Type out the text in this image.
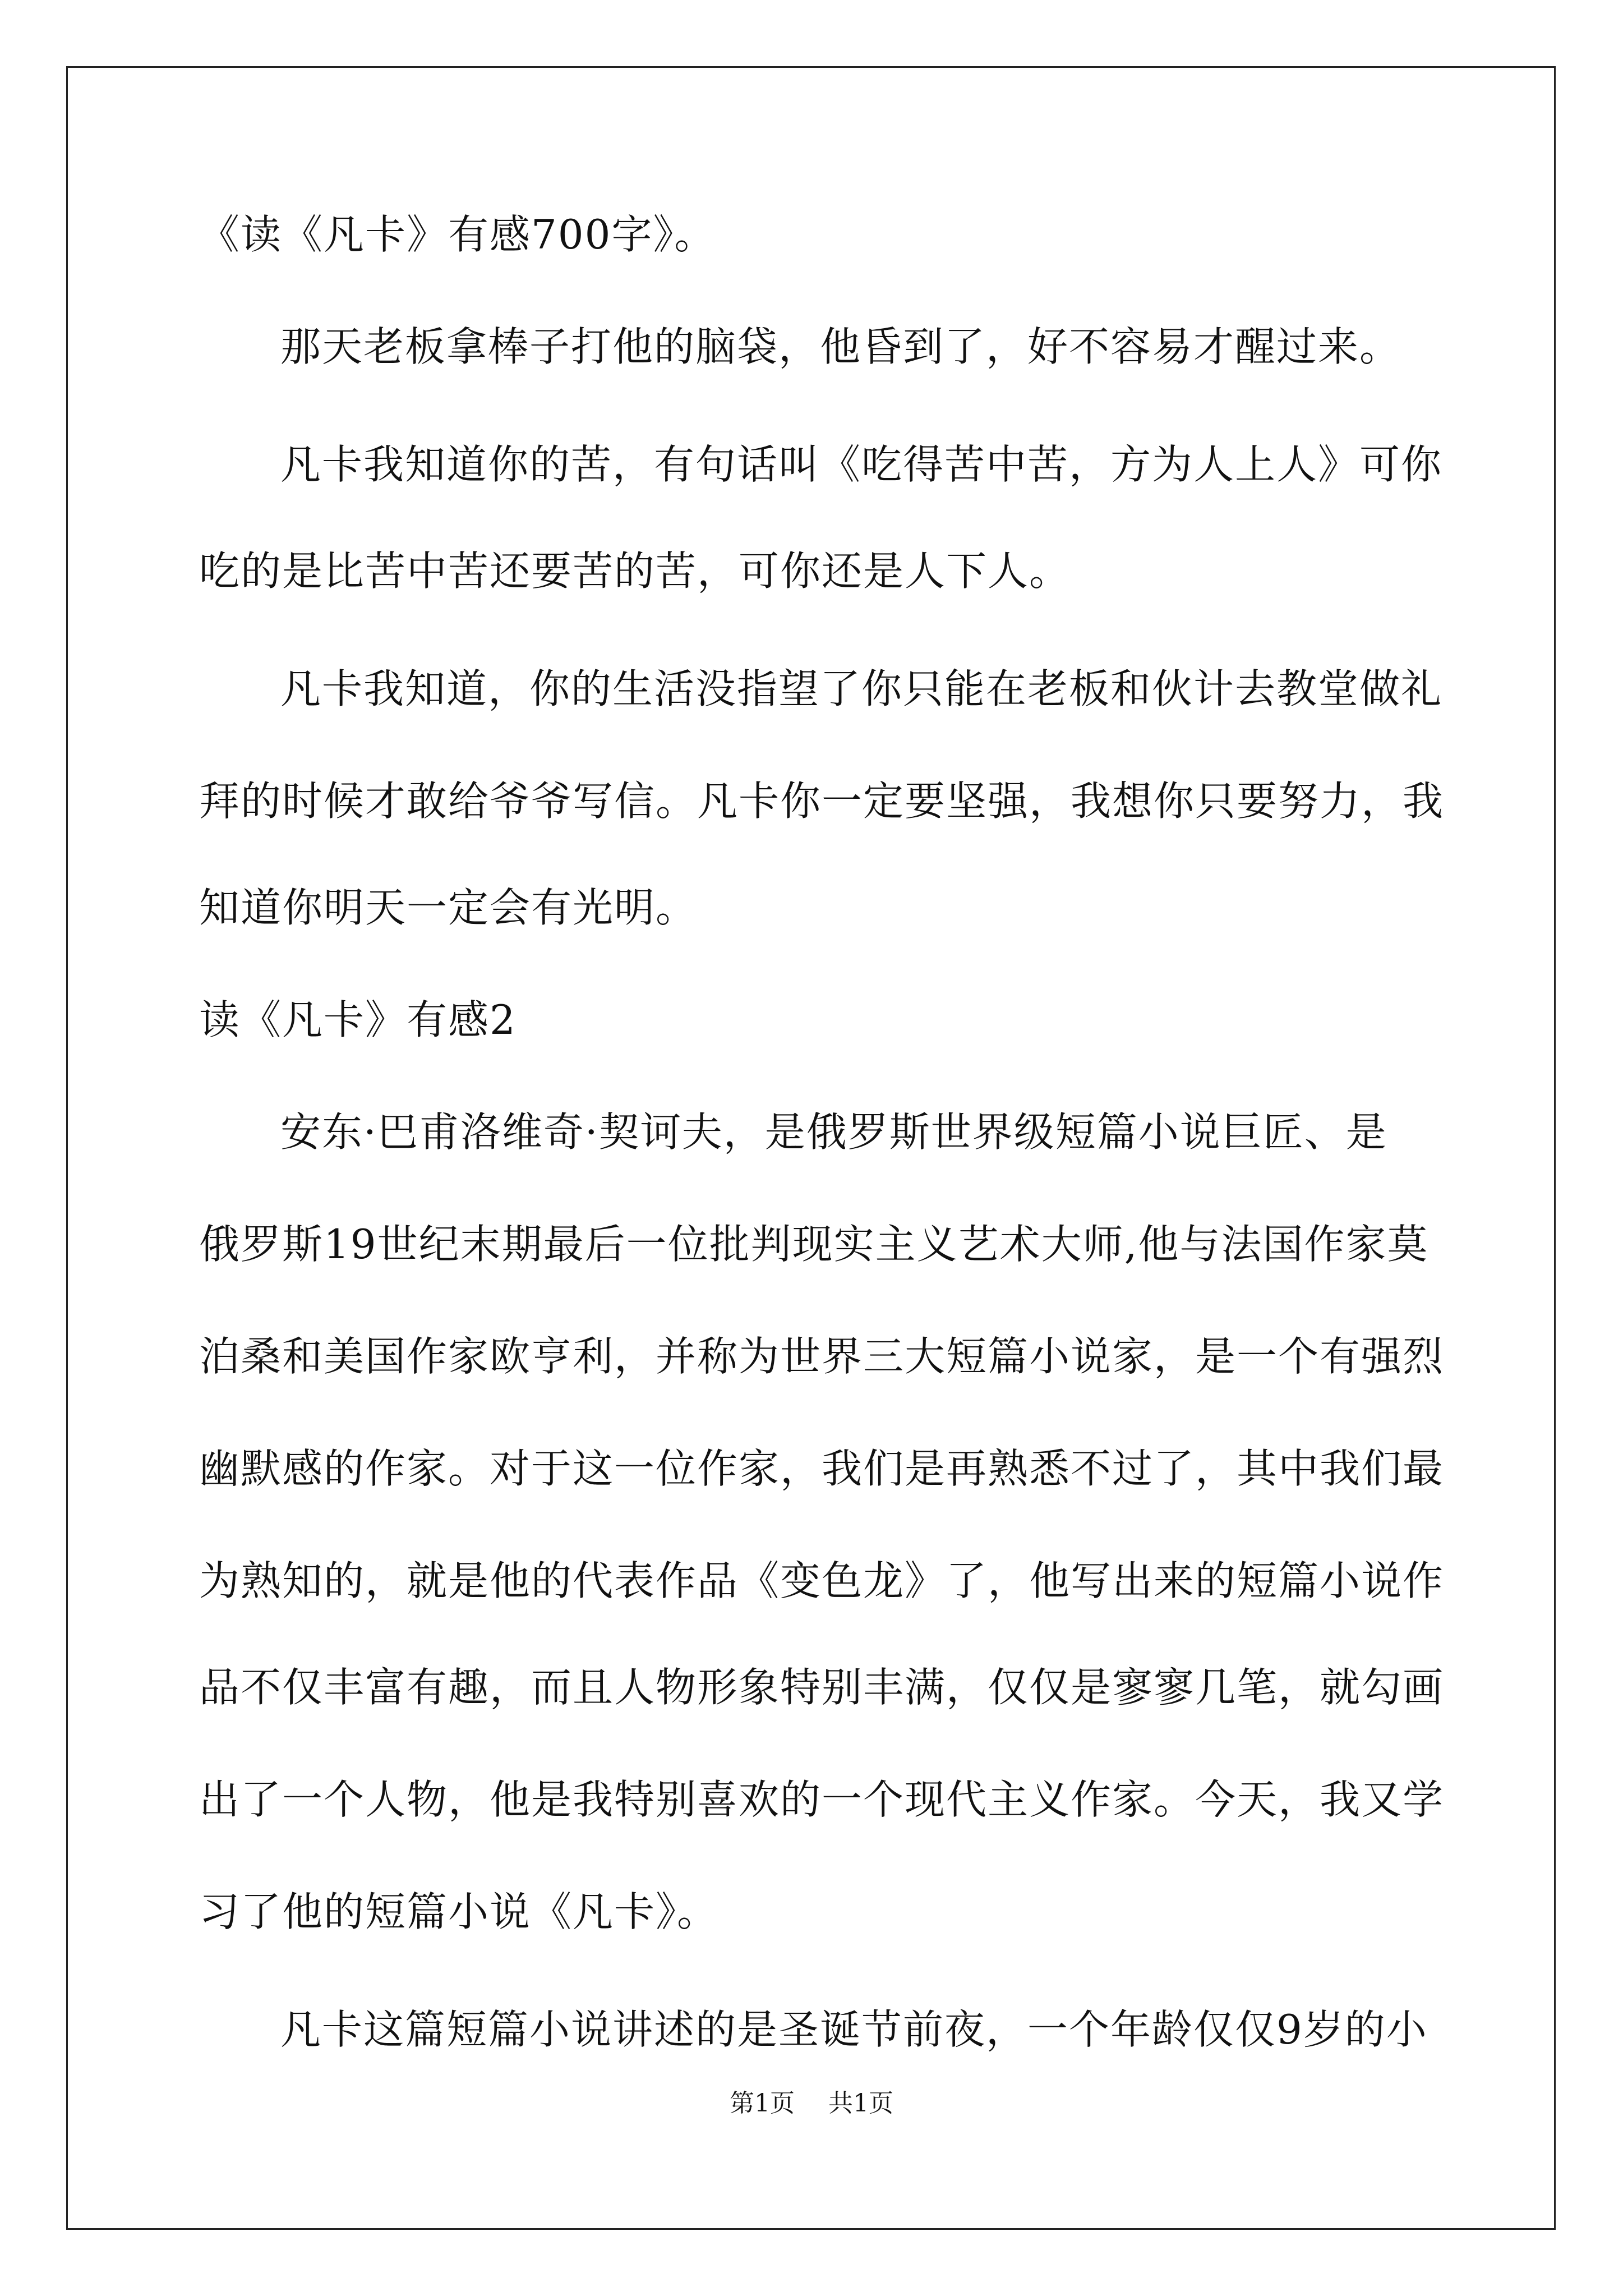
《读《凡卡》有感700字》。
那天老板拿棒子打他的脑袋，他昏到了，好不容易才醒过来。
凡卡我知道你的苦，有句话叫《吃得苦中苦，方为人上人》可你
吃的是比苦中苦还要苦的苦，可你还是人下人。
凡卡我知道，你的生活没指望了你只能在老板和伙计去教堂做礼
拜的时候才敢给爷爷写信。凡卡你一定要坚强，我想你只要努力，我
知道你明天一定会有光明。
读《凡卡》有感2
安东·巴甫洛维奇·契诃夫，是俄罗斯世界级短篇小说巨匠、是
俄罗斯19世纪末期最后一位批判现实主义艺术大师,他与法国作家莫
泊桑和美国作家欧亨利，并称为世界三大短篇小说家，是一个有强烈
幽默感的作家。对于这一位作家，我们是再熟悉不过了，其中我们最
为熟知的，就是他的代表作品《变色龙》了，他写出来的短篇小说作
品不仅丰富有趣，而且人物形象特别丰满，仅仅是寥寥几笔，就勾画
出了一个人物，他是我特别喜欢的一个现代主义作家。今天，我又学
习了他的短篇小说《凡卡》。
凡卡这篇短篇小说讲述的是圣诞节前夜，一个年龄仅仅9岁的小
第1页 共1页
